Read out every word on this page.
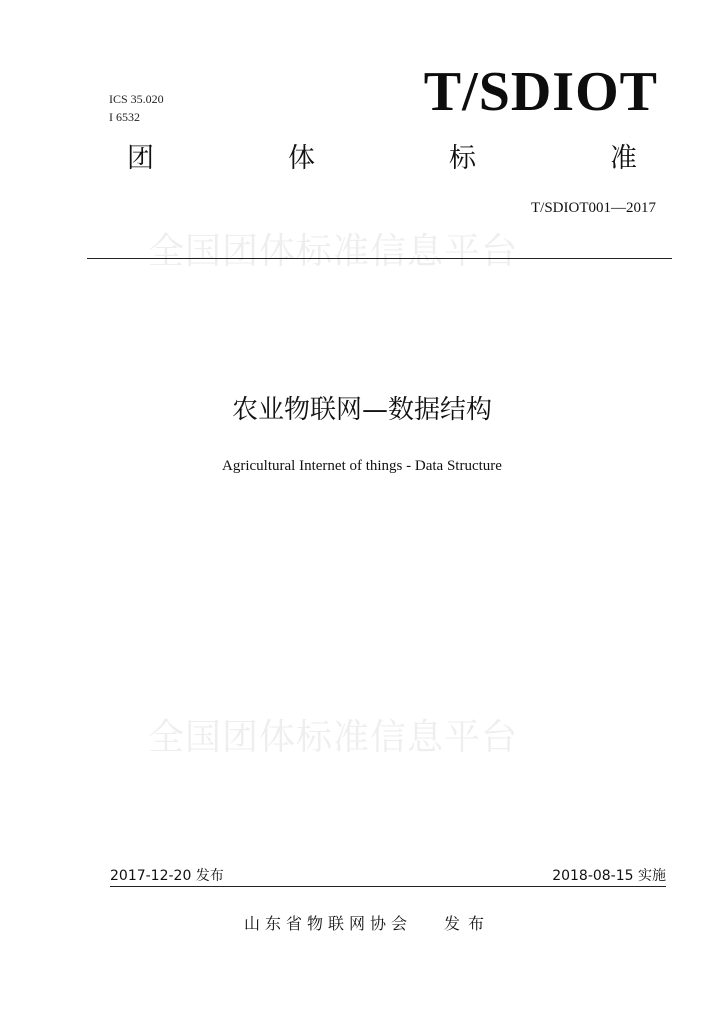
全国团体标准信息平台
全国团体标准信息平台
ICS 35.020
I 6532	T/SDIOT
团	体	标	准
T/SDIOT001—2017
农业物联网—数据结构
Agricultural Internet of things - Data Structure
2017-12-20 发布	2018-08-15 实施
山东省物联网协会 发布
